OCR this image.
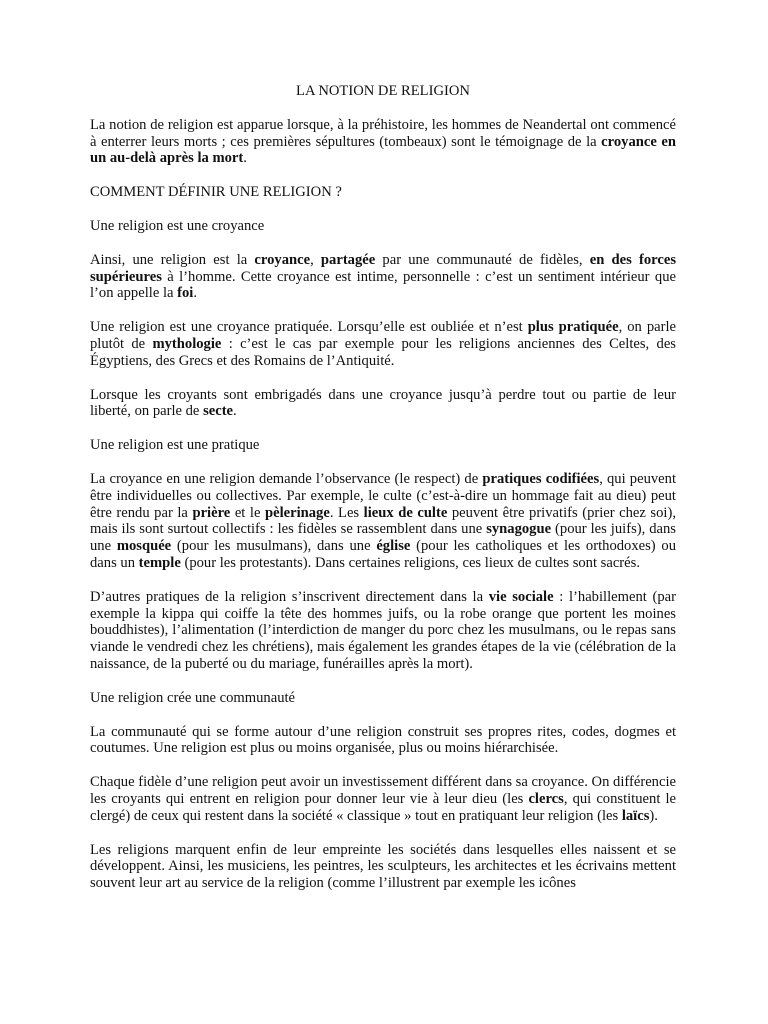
LA NOTION DE RELIGION
La notion de religion est apparue lorsque, à la préhistoire, les hommes de Neandertal ont commencé à enterrer leurs morts ; ces premières sépultures (tombeaux) sont le témoignage de la croyance en un au-delà après la mort.
COMMENT DÉFINIR UNE RELIGION ?
Une religion est une croyance
Ainsi, une religion est la croyance, partagée par une communauté de fidèles, en des forces supérieures à l’homme. Cette croyance est intime, personnelle : c’est un sentiment intérieur que l’on appelle la foi.
Une religion est une croyance pratiquée. Lorsqu’elle est oubliée et n’est plus pratiquée, on parle plutôt de mythologie : c’est le cas par exemple pour les religions anciennes des Celtes, des Égyptiens, des Grecs et des Romains de l’Antiquité.
Lorsque les croyants sont embrigadés dans une croyance jusqu’à perdre tout ou partie de leur liberté, on parle de secte.
Une religion est une pratique
La croyance en une religion demande l’observance (le respect) de pratiques codifiées, qui peuvent être individuelles ou collectives. Par exemple, le culte (c’est-à-dire un hommage fait au dieu) peut être rendu par la prière et le pèlerinage. Les lieux de culte peuvent être privatifs (prier chez soi), mais ils sont surtout collectifs : les fidèles se rassemblent dans une synagogue (pour les juifs), dans une mosquée (pour les musulmans), dans une église (pour les catholiques et les orthodoxes) ou dans un temple (pour les protestants). Dans certaines religions, ces lieux de cultes sont sacrés.
D’autres pratiques de la religion s’inscrivent directement dans la vie sociale : l’habillement (par exemple la kippa qui coiffe la tête des hommes juifs, ou la robe orange que portent les moines bouddhistes), l’alimentation (l’interdiction de manger du porc chez les musulmans, ou le repas sans viande le vendredi chez les chrétiens), mais également les grandes étapes de la vie (célébration de la naissance, de la puberté ou du mariage, funérailles après la mort).
Une religion crée une communauté
La communauté qui se forme autour d’une religion construit ses propres rites, codes, dogmes et coutumes. Une religion est plus ou moins organisée, plus ou moins hiérarchisée.
Chaque fidèle d’une religion peut avoir un investissement différent dans sa croyance. On différencie les croyants qui entrent en religion pour donner leur vie à leur dieu (les clercs, qui constituent le clergé) de ceux qui restent dans la société « classique » tout en pratiquant leur religion (les laïcs).
Les religions marquent enfin de leur empreinte les sociétés dans lesquelles elles naissent et se développent. Ainsi, les musiciens, les peintres, les sculpteurs, les architectes et les écrivains mettent souvent leur art au service de la religion (comme l’illustrent par exemple les icônes
